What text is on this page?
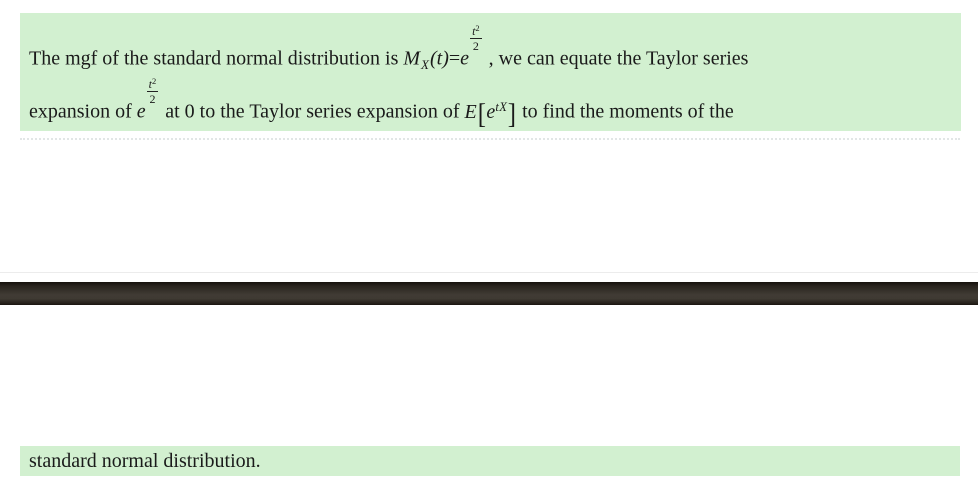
The mgf of the standard normal distribution is $M_X(t)=e$
$\frac{t^2}{2}$
, we can equate the Taylor series
expansion of e
$\frac{t^2}{2}$
at 0 to the Taylor series expansion of $E[e^{tX}]$ to find the moments of the
standard normal distribution.
